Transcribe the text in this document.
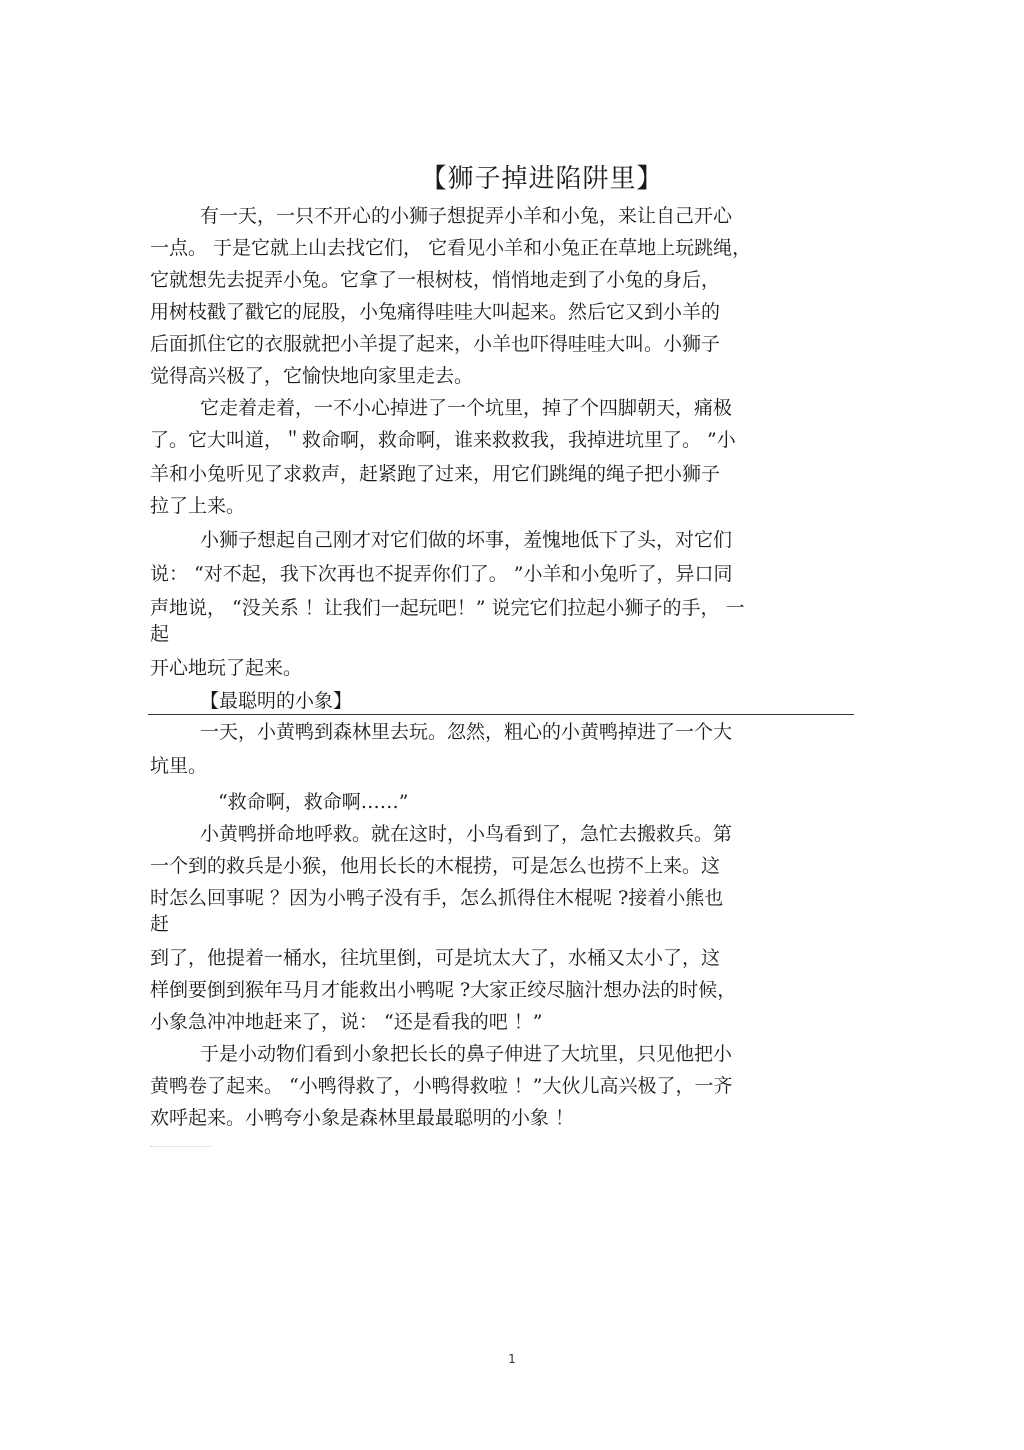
【狮子掉进陷阱里】
有一天，一只不开心的小狮子想捉弄小羊和小兔，来让自己开心
一点。 于是它就上山去找它们， 它看见小羊和小兔正在草地上玩跳绳，
它就想先去捉弄小兔。它拿了一根树枝，悄悄地走到了小兔的身后，
用树枝戳了戳它的屁股，小兔痛得哇哇大叫起来。然后它又到小羊的
后面抓住它的衣服就把小羊提了起来，小羊也吓得哇哇大叫。小狮子
觉得高兴极了，它愉快地向家里走去。
它走着走着，一不小心掉进了一个坑里，掉了个四脚朝天，痛极
了。它大叫道，＂救命啊，救命啊，谁来救救我，我掉进坑里了。 ”小
羊和小兔听见了求救声，赶紧跑了过来，用它们跳绳的绳子把小狮子
拉了上来。
小狮子想起自己刚才对它们做的坏事，羞愧地低下了头，对它们
说： “对不起，我下次再也不捉弄你们了。 ”小羊和小兔听了，异口同
声地说， “没关系 ！让我们一起玩吧！” 说完它们拉起小狮子的手， 一
起
开心地玩了起来。
【最聪明的小象】
一天，小黄鸭到森林里去玩。忽然，粗心的小黄鸭掉进了一个大
坑里。
“救命啊，救命啊……”
小黄鸭拼命地呼救。就在这时，小鸟看到了，急忙去搬救兵。第
一个到的救兵是小猴，他用长长的木棍捞，可是怎么也捞不上来。这
时怎么回事呢 ？因为小鸭子没有手，怎么抓得住木棍呢 ?接着小熊也
赶
到了，他提着一桶水，往坑里倒，可是坑太大了，水桶又太小了，这
样倒要倒到猴年马月才能救出小鸭呢 ?大家正绞尽脑汁想办法的时候，
小象急冲冲地赶来了，说： “还是看我的吧 ！”
于是小动物们看到小象把长长的鼻子伸进了大坑里，只见他把小
黄鸭卷了起来。 “小鸭得救了，小鸭得救啦 ！”大伙儿高兴极了，一齐
欢呼起来。小鸭夸小象是森林里最最聪明的小象 ！
1
